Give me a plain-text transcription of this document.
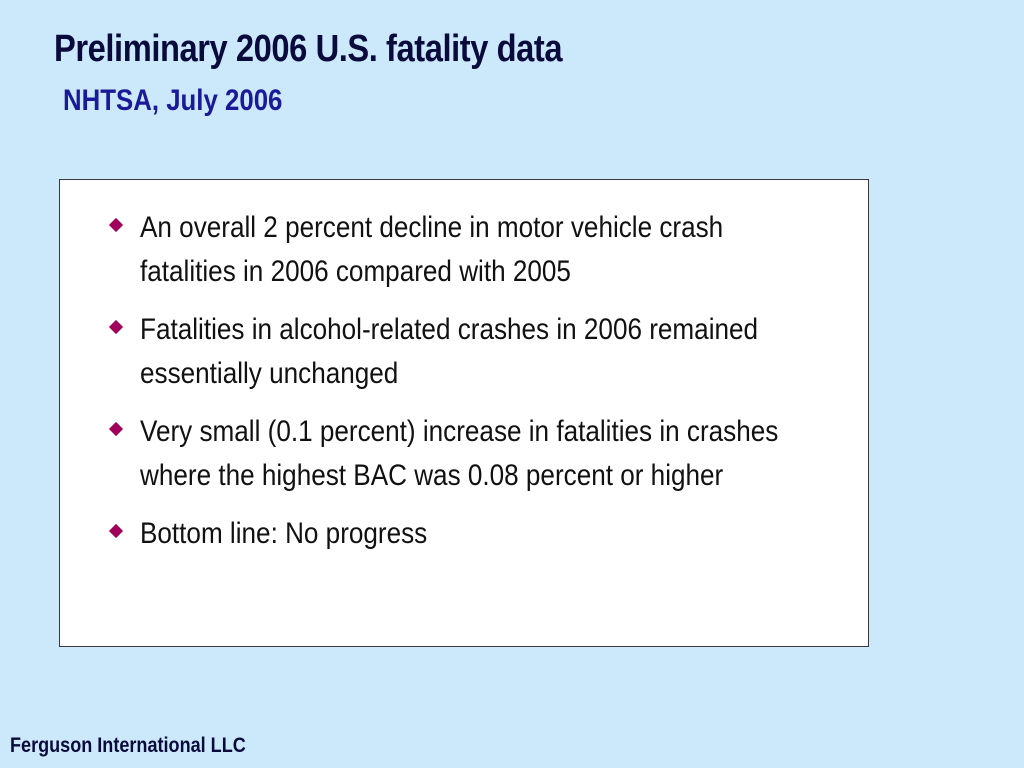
Preliminary 2006 U.S. fatality data
NHTSA, July 2006
An overall 2 percent decline in motor vehicle crash fatalities in 2006 compared with 2005
Fatalities in alcohol-related crashes in 2006 remained essentially unchanged
Very small (0.1 percent) increase in fatalities in crashes where the highest BAC was 0.08 percent or higher
Bottom line: No progress

Ferguson International LLC
